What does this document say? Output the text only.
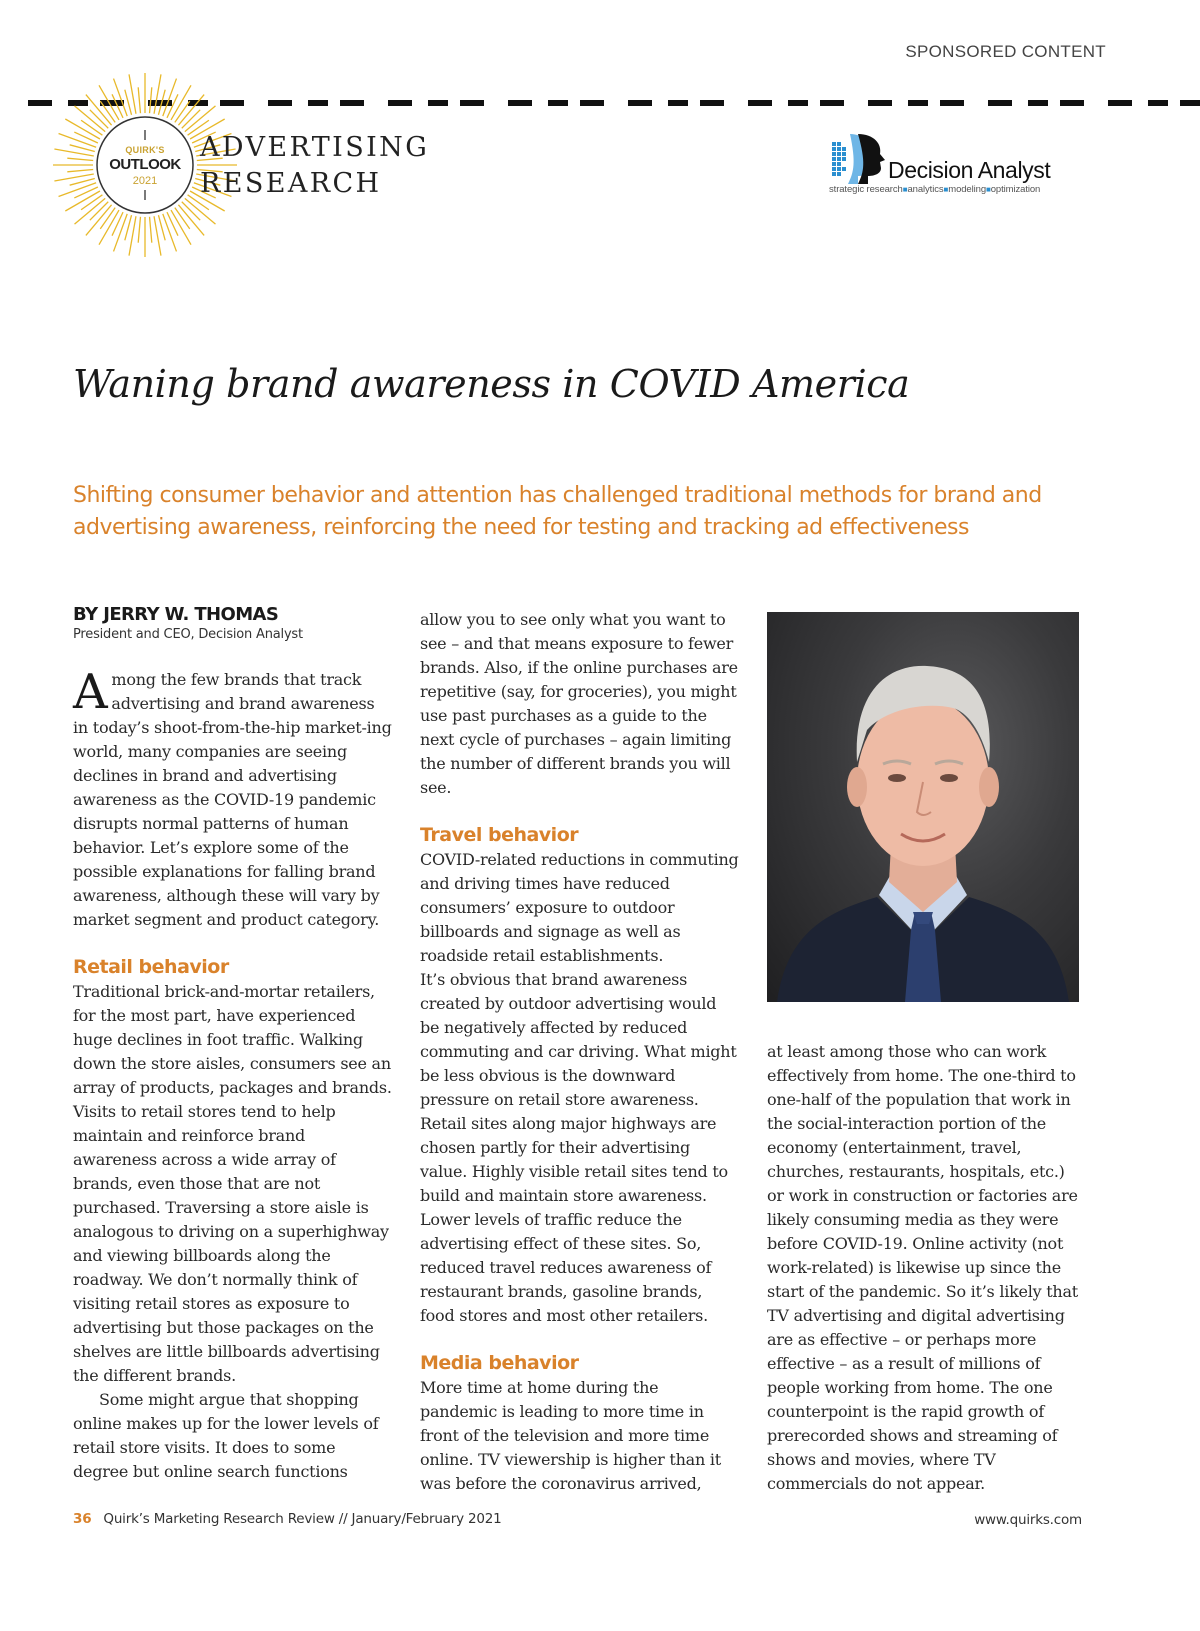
SPONSORED CONTENT
QUIRK'S
OUTLOOK
2021
ADVERTISING
RESEARCH	Decision Analyst
strategic research■analytics■modeling■optimization
Waning brand awareness in COVID America

Shifting consumer behavior and attention has challenged traditional methods for brand and advertising awareness, reinforcing the need for testing and tracking ad effectiveness

BY JERRY W. THOMAS

President and CEO, Decision Analyst

Among the few brands that track advertising and brand awareness in today’s shoot-from-the-hip market-ing world, many companies are seeing declines in brand and advertising awareness as the COVID-19 pandemic disrupts normal patterns of human behavior. Let’s explore some of the possible explanations for falling brand awareness, although these will vary by market segment and product category.

Retail behavior

Traditional brick-and-mortar retailers, for the most part, have experienced huge declines in foot traffic. Walking down the store aisles, consumers see an array of products, packages and brands. Visits to retail stores tend to help maintain and reinforce brand awareness across a wide array of brands, even those that are not purchased. Traversing a store aisle is analogous to driving on a superhighway and viewing billboards along the roadway. We don’t normally think of visiting retail stores as exposure to advertising but those packages on the shelves are little billboards advertising the different brands.

Some might argue that shopping online makes up for the lower levels of retail store visits. It does to some degree but online search functions

allow you to see only what you want to see – and that means exposure to fewer brands. Also, if the online purchases are repetitive (say, for groceries), you might use past purchases as a guide to the next cycle of purchases – again limiting the number of different brands you will see.

Travel behavior

COVID-related reductions in commuting and driving times have reduced consumers’ exposure to outdoor billboards and signage as well as roadside retail establishments.

It’s obvious that brand awareness created by outdoor advertising would be negatively affected by reduced commuting and car driving. What might be less obvious is the downward pressure on retail store awareness. Retail sites along major highways are chosen partly for their advertising value. Highly visible retail sites tend to build and maintain store awareness. Lower levels of traffic reduce the advertising effect of these sites. So, reduced travel reduces awareness of restaurant brands, gasoline brands, food stores and most other retailers.

Media behavior

More time at home during the pandemic is leading to more time in front of the television and more time online. TV viewership is higher than it was before the coronavirus arrived,

at least among those who can work effectively from home. The one-third to one-half of the population that work in the social-interaction portion of the economy (entertainment, travel, churches, restaurants, hospitals, etc.) or work in construction or factories are likely consuming media as they were before COVID-19. Online activity (not work-related) is likewise up since the start of the pandemic. So it’s likely that TV advertising and digital advertising are as effective – or perhaps more effective – as a result of millions of people working from home. The one counterpoint is the rapid growth of prerecorded shows and streaming of shows and movies, where TV commercials do not appear.

36 Quirk’s Marketing Research Review // January/February 2021	www.quirks.com
